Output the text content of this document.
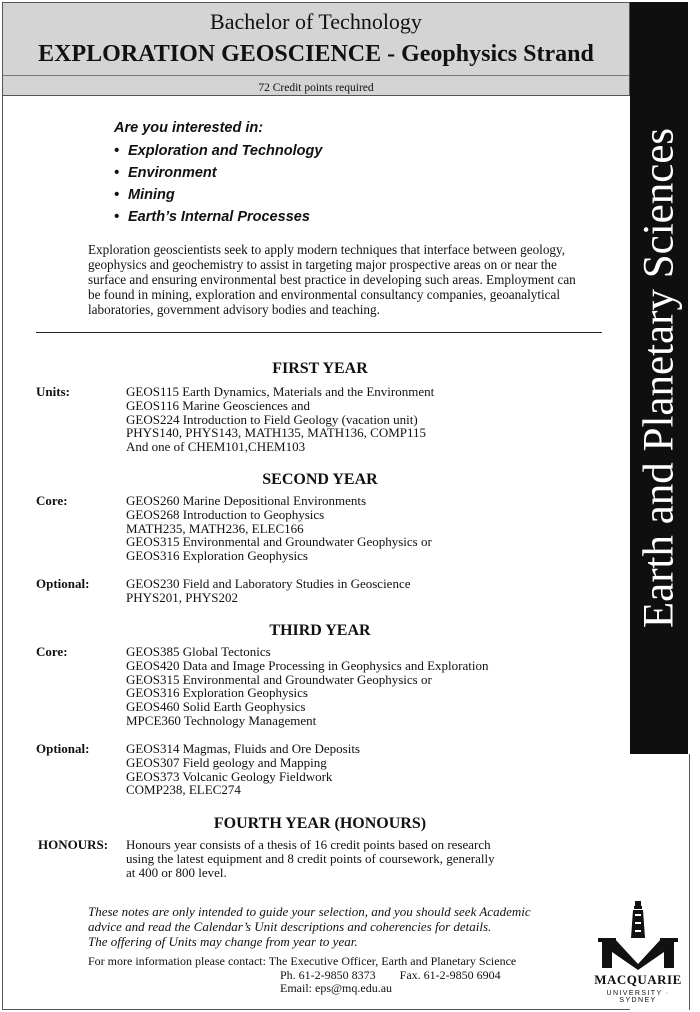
Bachelor of Technology
EXPLORATION GEOSCIENCE - Geophysics Strand
72 Credit points required
Earth and Planetary Sciences
Are you interested in:
• Exploration and Technology
• Environment
• Mining
• Earth’s Internal Processes
Exploration geoscientists seek to apply modern techniques that interface between geology,
geophysics and geochemistry to assist in targeting major prospective areas on or near the
surface and ensuring environmental best practice in developing such areas. Employment can
be found in mining, exploration and environmental consultancy companies, geoanalytical
laboratories, government advisory bodies and teaching.
FIRST YEAR
Units:	GEOS115 Earth Dynamics, Materials and the Environment
GEOS116 Marine Geosciences and
GEOS224 Introduction to Field Geology (vacation unit)
PHYS140, PHYS143, MATH135, MATH136, COMP115
And one of CHEM101,CHEM103
SECOND YEAR
Core:	GEOS260 Marine Depositional Environments
GEOS268 Introduction to Geophysics
MATH235, MATH236, ELEC166
GEOS315 Environmental and Groundwater Geophysics or
GEOS316 Exploration Geophysics
Optional:	GEOS230 Field and Laboratory Studies in Geoscience
PHYS201, PHYS202
THIRD YEAR
Core:	GEOS385 Global Tectonics
GEOS420 Data and Image Processing in Geophysics and Exploration
GEOS315 Environmental and Groundwater Geophysics or
GEOS316 Exploration Geophysics
GEOS460 Solid Earth Geophysics
MPCE360 Technology Management
Optional:	GEOS314 Magmas, Fluids and Ore Deposits
GEOS307 Field geology and Mapping
GEOS373 Volcanic Geology Fieldwork
COMP238, ELEC274
FOURTH YEAR (HONOURS)
HONOURS: Honours year consists of a thesis of 16 credit points based on research
using the latest equipment and 8 credit points of coursework, generally
at 400 or 800 level.
These notes are only intended to guide your selection, and you should seek Academic
advice and read the Calendar’s Unit descriptions and coherencies for details.
The offering of Units may change from year to year.
For more information please contact: The Executive Officer, Earth and Planetary Science
Ph. 61-2-9850 8373 Fax. 61-2-9850 6904
Email: eps@mq.edu.au
MACQUARIE
UNIVERSITY · SYDNEY
